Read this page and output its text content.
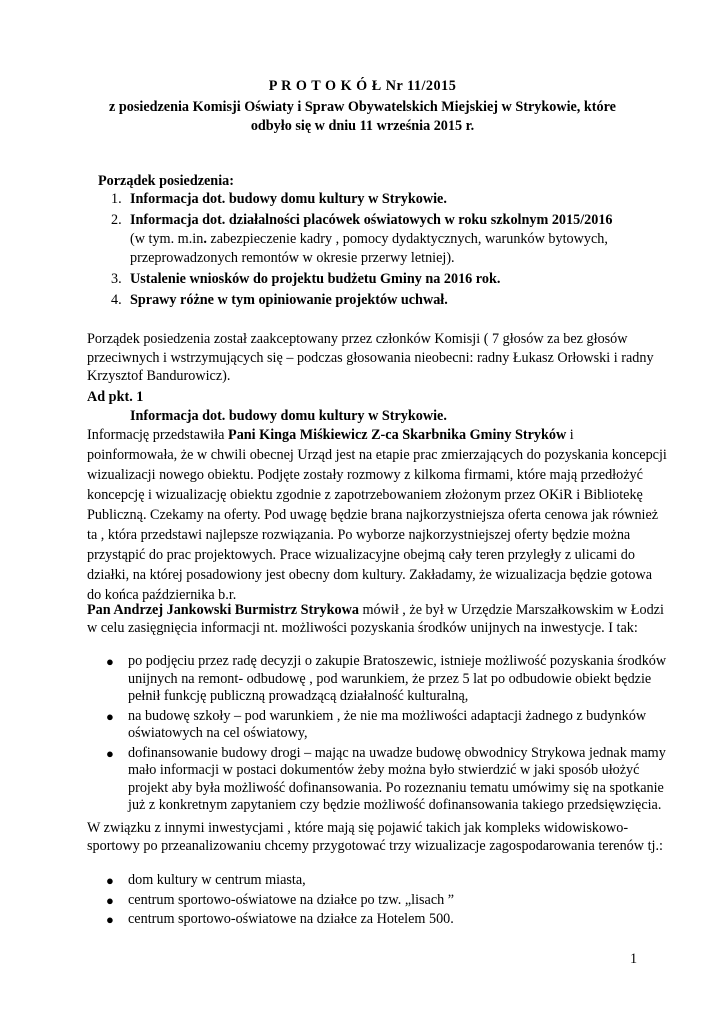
P R O T O K Ó Ł Nr 11/2015
z posiedzenia Komisji Oświaty i Spraw Obywatelskich Miejskiej w Strykowie, które
odbyło się w dniu 11 września 2015 r.
Porządek posiedzenia:
1. Informacja dot. budowy domu kultury w Strykowie.
2. Informacja dot. działalności placówek oświatowych w roku szkolnym 2015/2016
(w tym. m.in. zabezpieczenie kadry , pomocy dydaktycznych, warunków bytowych, przeprowadzonych remontów w okresie przerwy letniej).
3. Ustalenie wniosków do projektu budżetu Gminy na 2016 rok.
4. Sprawy różne w tym opiniowanie projektów uchwał.
Porządek posiedzenia został zaakceptowany przez członków Komisji ( 7 głosów za bez głosów przeciwnych i wstrzymujących się – podczas głosowania nieobecni: radny Łukasz Orłowski i radny Krzysztof Bandurowicz).
Ad pkt. 1
Informacja dot. budowy domu kultury w Strykowie.
Informację przedstawiła Pani Kinga Miśkiewicz Z-ca Skarbnika Gminy Stryków i poinformowała, że w chwili obecnej Urząd jest na etapie prac zmierzających do pozyskania koncepcji wizualizacji nowego obiektu. Podjęte zostały rozmowy z kilkoma firmami, które mają przedłożyć koncepcję i wizualizację obiektu zgodnie z zapotrzebowaniem złożonym przez OKiR i Bibliotekę Publiczną. Czekamy na oferty. Pod uwagę będzie brana najkorzystniejsza oferta cenowa jak również ta , która przedstawi najlepsze rozwiązania. Po wyborze najkorzystniejszej oferty będzie można przystąpić do prac projektowych. Prace wizualizacyjne obejmą cały teren przyległy z ulicami do działki, na której posadowiony jest obecny dom kultury. Zakładamy, że wizualizacja będzie gotowa do końca października b.r.
Pan Andrzej Jankowski Burmistrz Strykowa mówił , że był w Urzędzie Marszałkowskim w Łodzi w celu zasięgnięcia informacji nt. możliwości pozyskania środków unijnych na inwestycje. I tak:
● po podjęciu przez radę decyzji o zakupie Bratoszewic, istnieje możliwość pozyskania środków unijnych na remont- odbudowę , pod warunkiem, że przez 5 lat po odbudowie obiekt będzie pełnił funkcję publiczną prowadzącą działalność kulturalną,
● na budowę szkoły – pod warunkiem , że nie ma możliwości adaptacji żadnego z budynków oświatowych na cel oświatowy,
● dofinansowanie budowy drogi – mając na uwadze budowę obwodnicy Strykowa jednak mamy mało informacji w postaci dokumentów żeby można było stwierdzić w jaki sposób ułożyć projekt aby była możliwość dofinansowania. Po rozeznaniu tematu umówimy się na spotkanie już z konkretnym zapytaniem czy będzie możliwość dofinansowania takiego przedsięwzięcia.
W związku z innymi inwestycjami , które mają się pojawić takich jak kompleks widowiskowo- sportowy po przeanalizowaniu chcemy przygotować trzy wizualizacje zagospodarowania terenów tj.:
● dom kultury w centrum miasta,
● centrum sportowo-oświatowe na działce po tzw. „lisach ”
● centrum sportowo-oświatowe na działce za Hotelem 500.
1
